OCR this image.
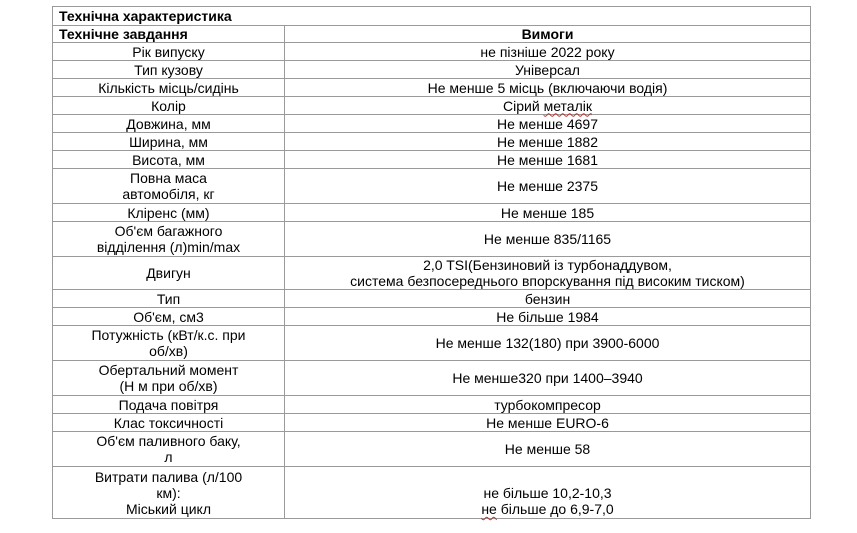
Технічна характеристика	
Технічне завдання	Вимоги
Рік випуску	не пізніше 2022 року
Тип кузову	Універсал
Кількість місць/сидінь	Не менше 5 місць (включаючи водія)
Колір	Сірий металік
Довжина, мм	Не менше 4697
Ширина, мм	Не менше 1882
Висота, мм	Не менше 1681
Повна маса
автомобіля, кг	Не менше 2375
Кліренс (мм)	Не менше 185
Об'єм багажного
відділення (л)min/max	Не менше 835/1165
Двигун	2,0 TSI(Бензиновий із турбонаддувом,
система безпосереднього впорскування під високим тиском)
Тип	бензин
Об'єм, см3	Не більше 1984
Потужність (кВт/к.с. при
об/хв)	Не менше 132(180) при 3900-6000
Обертальний момент
(Н м при об/хв)	Не менше320 при 1400–3940
Подача повітря	турбокомпресор
Клас токсичності	Не менше EURO-6
Об'єм паливного баку,
л	Не менше 58
Витрати палива (л/100
км):
Міський цикл	не більше 10,2-10,3
не більше до 6,9-7,0
